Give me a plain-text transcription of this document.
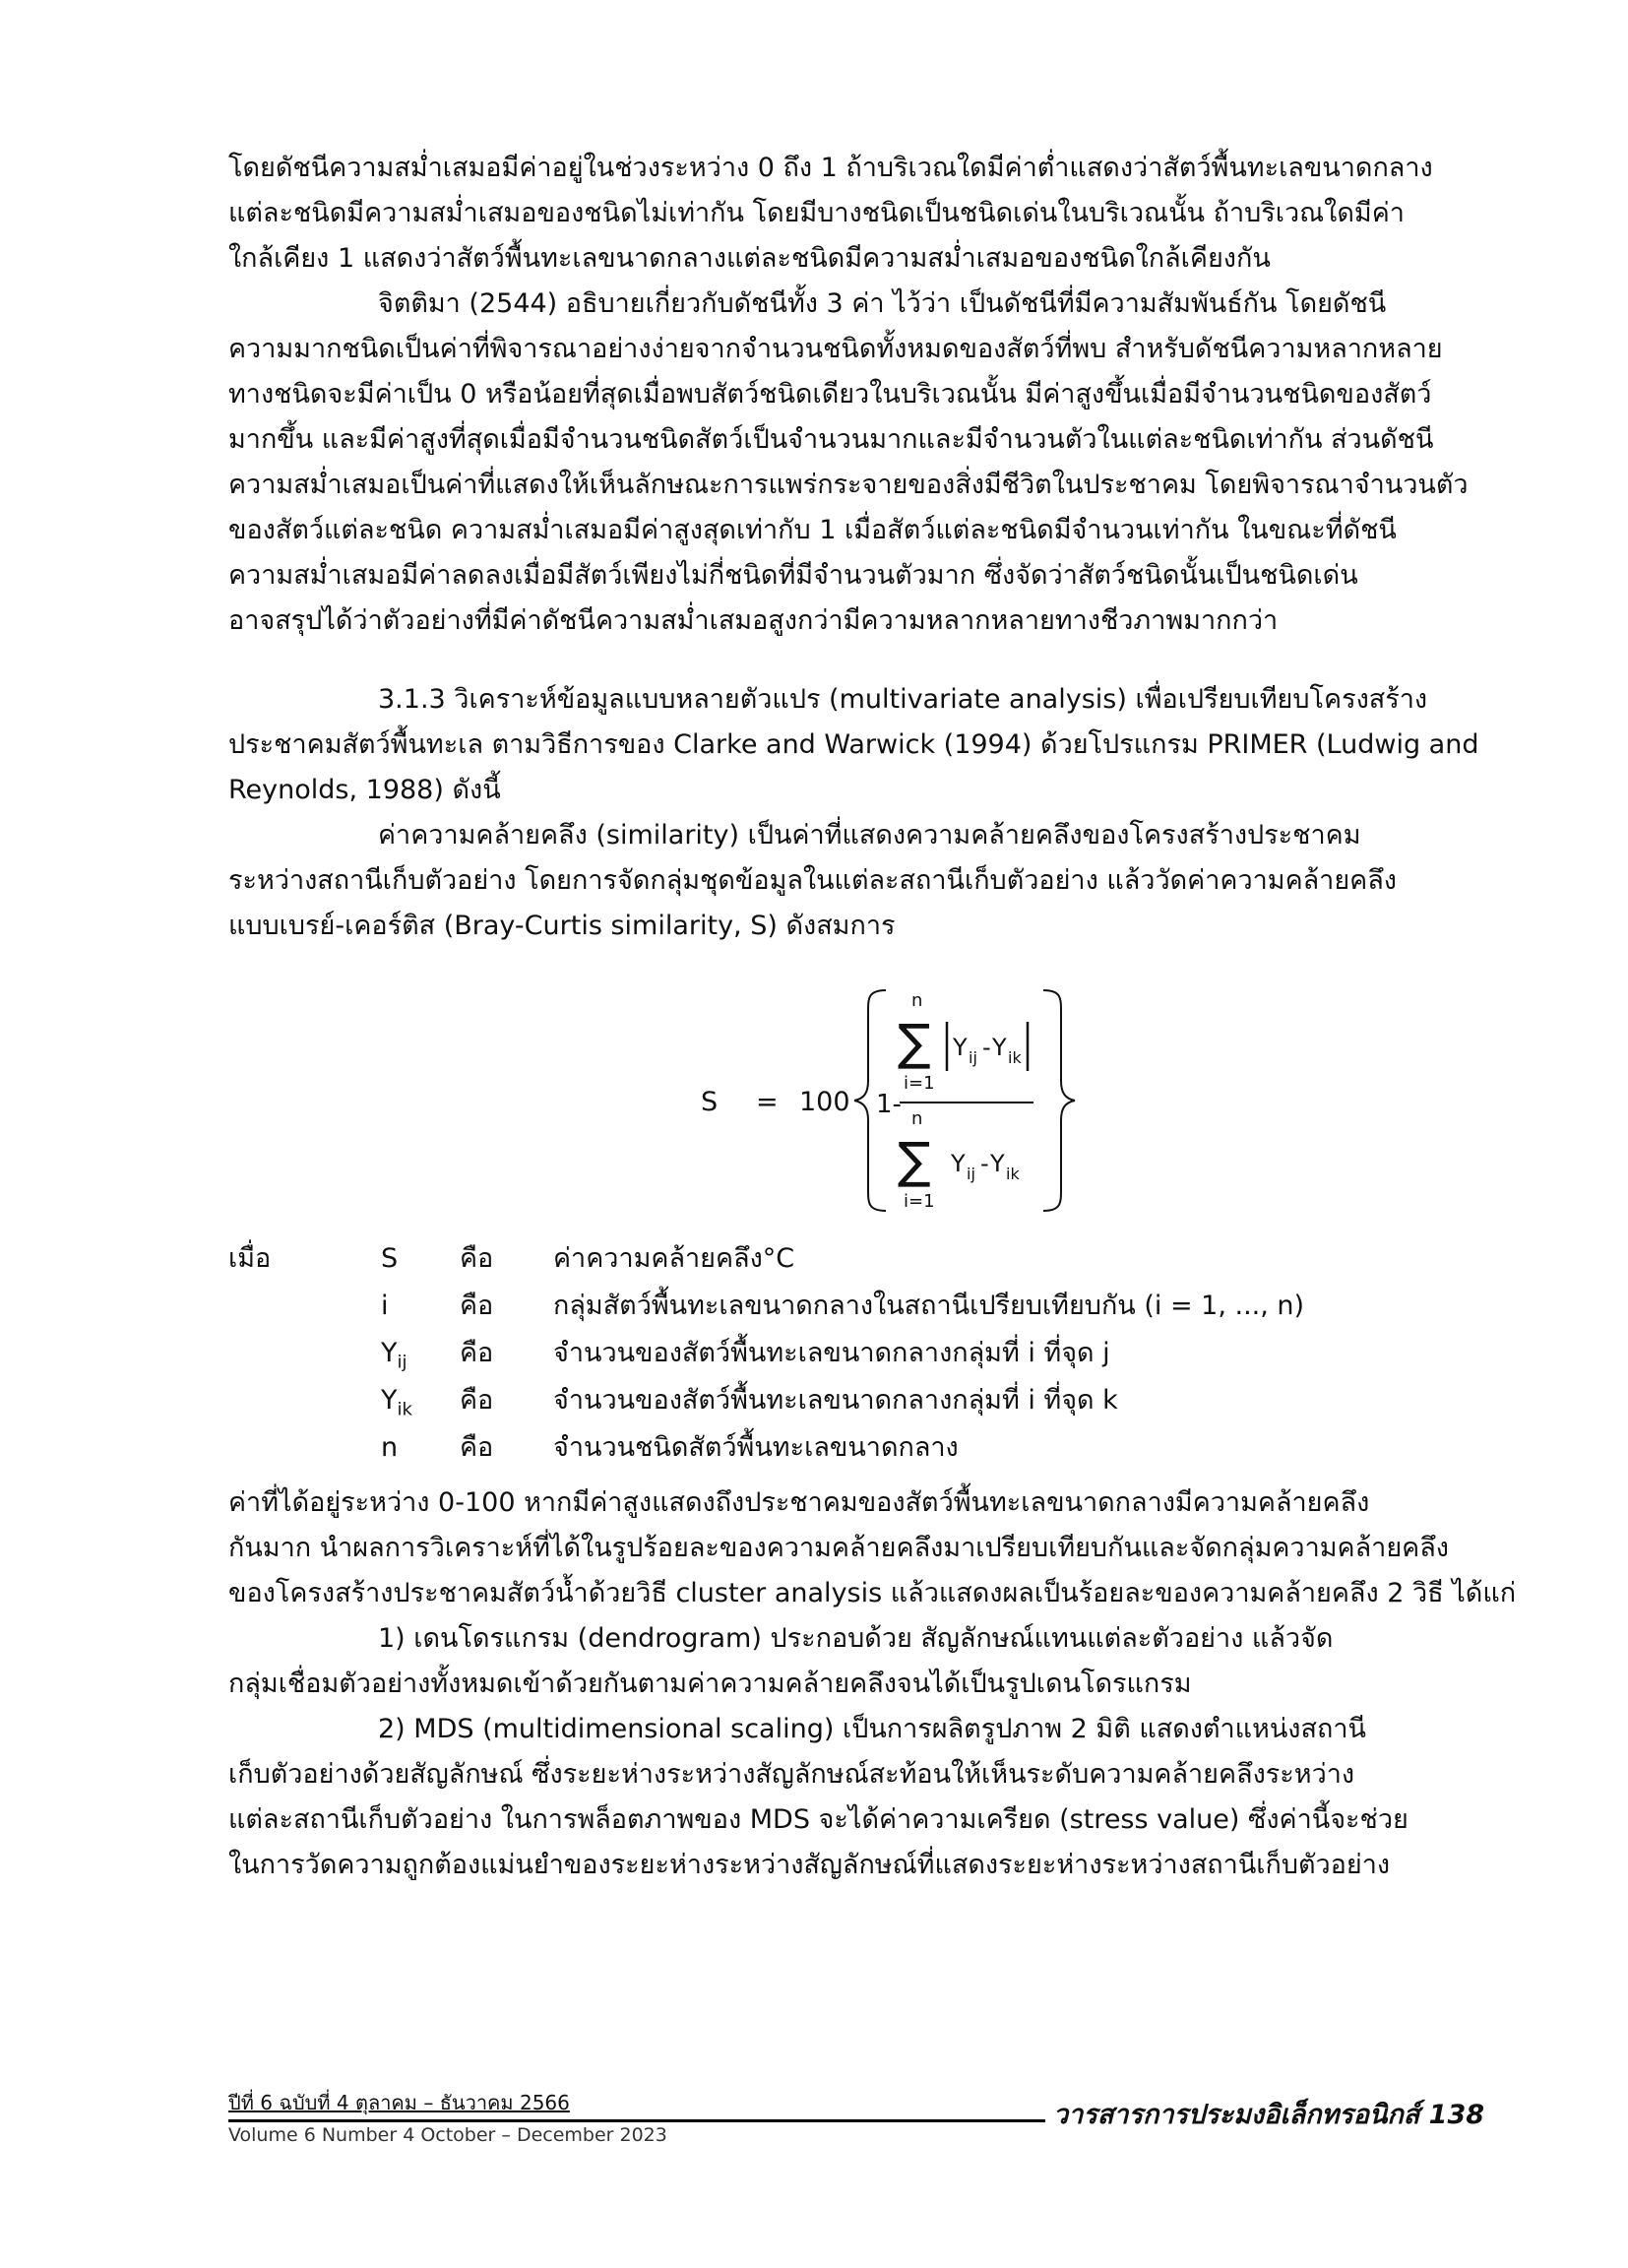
โดยดัชนีความสม่ำเสมอมีค่าอยู่ในช่วงระหว่าง 0 ถึง 1 ถ้าบริเวณใดมีค่าต่ำแสดงว่าสัตว์พื้นทะเลขนาดกลาง
แต่ละชนิดมีความสม่ำเสมอของชนิดไม่เท่ากัน โดยมีบางชนิดเป็นชนิดเด่นในบริเวณนั้น ถ้าบริเวณใดมีค่า
ใกล้เคียง 1 แสดงว่าสัตว์พื้นทะเลขนาดกลางแต่ละชนิดมีความสม่ำเสมอของชนิดใกล้เคียงกัน
จิตติมา (2544) อธิบายเกี่ยวกับดัชนีทั้ง 3 ค่า ไว้ว่า เป็นดัชนีที่มีความสัมพันธ์กัน โดยดัชนี
ความมากชนิดเป็นค่าที่พิจารณาอย่างง่ายจากจำนวนชนิดทั้งหมดของสัตว์ที่พบ สำหรับดัชนีความหลากหลาย
ทางชนิดจะมีค่าเป็น 0 หรือน้อยที่สุดเมื่อพบสัตว์ชนิดเดียวในบริเวณนั้น มีค่าสูงขึ้นเมื่อมีจำนวนชนิดของสัตว์
มากขึ้น และมีค่าสูงที่สุดเมื่อมีจำนวนชนิดสัตว์เป็นจำนวนมากและมีจำนวนตัวในแต่ละชนิดเท่ากัน ส่วนดัชนี
ความสม่ำเสมอเป็นค่าที่แสดงให้เห็นลักษณะการแพร่กระจายของสิ่งมีชีวิตในประชาคม โดยพิจารณาจำนวนตัว
ของสัตว์แต่ละชนิด ความสม่ำเสมอมีค่าสูงสุดเท่ากับ 1 เมื่อสัตว์แต่ละชนิดมีจำนวนเท่ากัน ในขณะที่ดัชนี
ความสม่ำเสมอมีค่าลดลงเมื่อมีสัตว์เพียงไม่กี่ชนิดที่มีจำนวนตัวมาก ซึ่งจัดว่าสัตว์ชนิดนั้นเป็นชนิดเด่น
อาจสรุปได้ว่าตัวอย่างที่มีค่าดัชนีความสม่ำเสมอสูงกว่ามีความหลากหลายทางชีวภาพมากกว่า
3.1.3 วิเคราะห์ข้อมูลแบบหลายตัวแปร (multivariate analysis) เพื่อเปรียบเทียบโครงสร้าง
ประชาคมสัตว์พื้นทะเล ตามวิธีการของ Clarke and Warwick (1994) ด้วยโปรแกรม PRIMER (Ludwig and
Reynolds, 1988) ดังนี้
ค่าความคล้ายคลึง (similarity) เป็นค่าที่แสดงความคล้ายคลึงของโครงสร้างประชาคม
ระหว่างสถานีเก็บตัวอย่าง โดยการจัดกลุ่มชุดข้อมูลในแต่ละสถานีเก็บตัวอย่าง แล้ววัดค่าความคล้ายคลึง
แบบเบรย์-เคอร์ติส (Bray-Curtis similarity, S) ดังสมการ
S = 100 1-
n
∑
i=1
Y ij - Y ik
n
∑
i=1
Y ij - Y ik
เมื่อ	S คือ ค่าความคล้ายคลึง°C
i	คือ กลุ่มสัตว์พื้นทะเลขนาดกลางในสถานีเปรียบเทียบกัน (i = 1, ..., n)
$Y_{ij}$ คือ จำนวนของสัตว์พื้นทะเลขนาดกลางกลุ่มที่ i ที่จุด j
$Y_{ik}$ คือ จำนวนของสัตว์พื้นทะเลขนาดกลางกลุ่มที่ i ที่จุด k
n คือ จำนวนชนิดสัตว์พื้นทะเลขนาดกลาง
ค่าที่ได้อยู่ระหว่าง 0-100 หากมีค่าสูงแสดงถึงประชาคมของสัตว์พื้นทะเลขนาดกลางมีความคล้ายคลึง
กันมาก นำผลการวิเคราะห์ที่ได้ในรูปร้อยละของความคล้ายคลึงมาเปรียบเทียบกันและจัดกลุ่มความคล้ายคลึง
ของโครงสร้างประชาคมสัตว์น้ำด้วยวิธี cluster analysis แล้วแสดงผลเป็นร้อยละของความคล้ายคลึง 2 วิธี ได้แก่
1) เดนโดรแกรม (dendrogram) ประกอบด้วย สัญลักษณ์แทนแต่ละตัวอย่าง แล้วจัด
กลุ่มเชื่อมตัวอย่างทั้งหมดเข้าด้วยกันตามค่าความคล้ายคลึงจนได้เป็นรูปเดนโดรแกรม
2) MDS (multidimensional scaling) เป็นการผลิตรูปภาพ 2 มิติ แสดงตำแหน่งสถานี
เก็บตัวอย่างด้วยสัญลักษณ์ ซึ่งระยะห่างระหว่างสัญลักษณ์สะท้อนให้เห็นระดับความคล้ายคลึงระหว่าง
แต่ละสถานีเก็บตัวอย่าง ในการพล็อตภาพของ MDS จะได้ค่าความเครียด (stress value) ซึ่งค่านี้จะช่วย
ในการวัดความถูกต้องแม่นยำของระยะห่างระหว่างสัญลักษณ์ที่แสดงระยะห่างระหว่างสถานีเก็บตัวอย่าง
ปีที่ 6 ฉบับที่ 4 ตุลาคม – ธันวาคม 2566
Volume 6 Number 4 October – December 2023
วารสารการประมงอิเล็กทรอนิกส์ 138
